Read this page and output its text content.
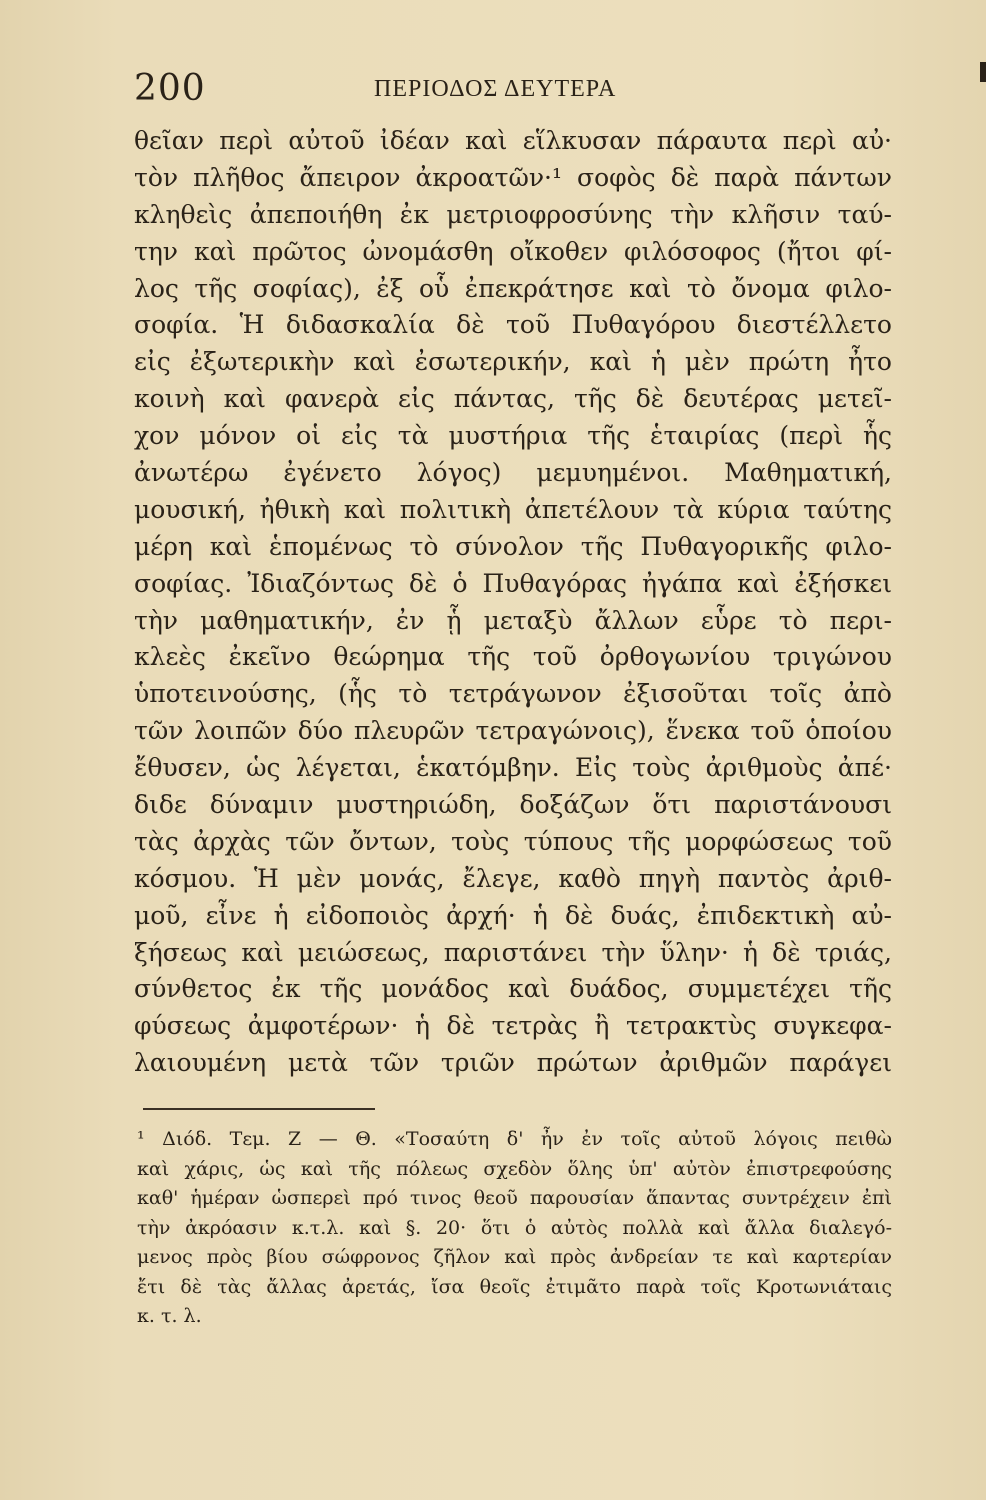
200	ΠΕΡΙΟΔΟΣ ΔΕΥΤΕΡΑ
θεῖαν περὶ αὐτοῦ ἰδέαν καὶ εἵλκυσαν πάραυτα περὶ αὐ·
τὸν πλῆθος ἄπειρον ἀκροατῶν·¹ σοφὸς δὲ παρὰ πάντων
κληθεὶς ἀπεποιήθη ἐκ μετριοφροσύνης τὴν κλῆσιν ταύ-
την καὶ πρῶτος ὠνομάσθη οἴκοθεν φιλόσοφος (ἤτοι φί-
λος τῆς σοφίας), ἐξ οὗ ἐπεκράτησε καὶ τὸ ὄνομα φιλο-
σοφία. Ἡ διδασκαλία δὲ τοῦ Πυθαγόρου διεστέλλετο
εἰς ἐξωτερικὴν καὶ ἐσωτερικήν, καὶ ἡ μὲν πρώτη ἦτο
κοινὴ καὶ φανερὰ εἰς πάντας, τῆς δὲ δευτέρας μετεῖ-
χον μόνον οἱ εἰς τὰ μυστήρια τῆς ἑταιρίας (περὶ ἧς
ἀνωτέρω ἐγένετο λόγος) μεμυημένοι. Μαθηματική,
μουσική, ἠθικὴ καὶ πολιτικὴ ἀπετέλουν τὰ κύρια ταύτης
μέρη καὶ ἑπομένως τὸ σύνολον τῆς Πυθαγορικῆς φιλο-
σοφίας. Ἰδιαζόντως δὲ ὁ Πυθαγόρας ἠγάπα καὶ ἐξήσκει
τὴν μαθηματικήν, ἐν ᾗ μεταξὺ ἄλλων εὗρε τὸ περι-
κλεὲς ἐκεῖνο θεώρημα τῆς τοῦ ὀρθογωνίου τριγώνου
ὑποτεινούσης, (ἧς τὸ τετράγωνον ἐξισοῦται τοῖς ἀπὸ
τῶν λοιπῶν δύο πλευρῶν τετραγώνοις), ἕνεκα τοῦ ὁποίου
ἔθυσεν, ὡς λέγεται, ἑκατόμβην. Εἰς τοὺς ἀριθμοὺς ἀπέ·
διδε δύναμιν μυστηριώδη, δοξάζων ὅτι παριστάνουσι
τὰς ἀρχὰς τῶν ὄντων, τοὺς τύπους τῆς μορφώσεως τοῦ
κόσμου. Ἡ μὲν μονάς, ἔλεγε, καθὸ πηγὴ παντὸς ἀριθ-
μοῦ, εἶνε ἡ εἰδοποιὸς ἀρχή· ἡ δὲ δυάς, ἐπιδεκτικὴ αὐ-
ξήσεως καὶ μειώσεως, παριστάνει τὴν ὕλην· ἡ δὲ τριάς,
σύνθετος ἐκ τῆς μονάδος καὶ δυάδος, συμμετέχει τῆς
φύσεως ἀμφοτέρων· ἡ δὲ τετρὰς ἢ τετρακτὺς συγκεφα-
λαιουμένη μετὰ τῶν τριῶν πρώτων ἀριθμῶν παράγει
¹ Διόδ. Τεμ. Ζ — Θ. «Τοσαύτη δ' ἦν ἐν τοῖς αὐτοῦ λόγοις πειθὼ
καὶ χάρις, ὡς καὶ τῆς πόλεως σχεδὸν ὅλης ὑπ' αὐτὸν ἐπιστρεφούσης
καθ' ἡμέραν ὡσπερεὶ πρό τινος θεοῦ παρουσίαν ἅπαντας συντρέχειν ἐπὶ
τὴν ἀκρόασιν κ.τ.λ. καὶ §. 20· ὅτι ὁ αὐτὸς πολλὰ καὶ ἄλλα διαλεγό-
μενος πρὸς βίου σώφρονος ζῆλον καὶ πρὸς ἀνδρείαν τε καὶ καρτερίαν
ἔτι δὲ τὰς ἄλλας ἀρετάς, ἴσα θεοῖς ἐτιμᾶτο παρὰ τοῖς Κροτωνιάταις
κ. τ. λ.
